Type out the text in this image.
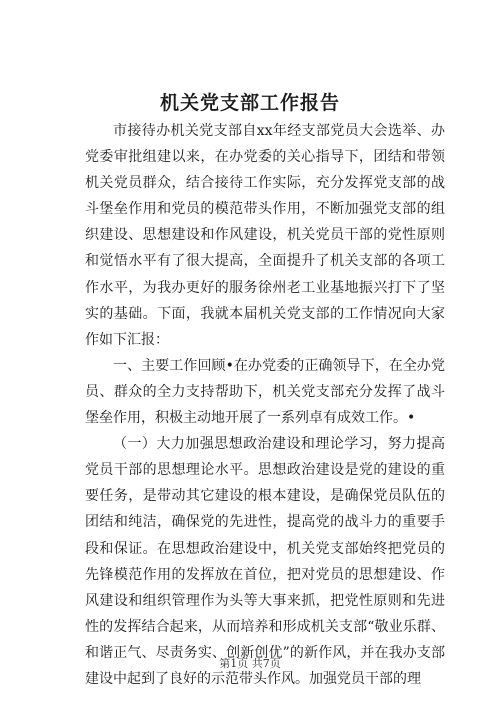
机关党支部工作报告

市接待办机关党支部自xx年经支部党员大会选举、办党委审批组建以来，在办党委的关心指导下，团结和带领机关党员群众，结合接待工作实际，充分发挥党支部的战斗堡垒作用和党员的模范带头作用，不断加强党支部的组织建设、思想建设和作风建设，机关党员干部的党性原则和觉悟水平有了很大提高，全面提升了机关支部的各项工作水平，为我办更好的服务徐州老工业基地振兴打下了坚实的基础。下面，我就本届机关党支部的工作情况向大家作如下汇报：

一、主要工作回顾•在办党委的正确领导下，在全办党员、群众的全力支持帮助下，机关党支部充分发挥了战斗堡垒作用，积极主动地开展了一系列卓有成效工作。•

（一）大力加强思想政治建设和理论学习，努力提高党员干部的思想理论水平。思想政治建设是党的建设的重要任务，是带动其它建设的根本建设，是确保党员队伍的团结和纯洁，确保党的先进性，提高党的战斗力的重要手段和保证。在思想政治建设中，机关党支部始终把党员的先锋模范作用的发挥放在首位，把对党员的思想建设、作风建设和组织管理作为头等大事来抓，把党性原则和先进性的发挥结合起来，从而培养和形成机关支部“敬业乐群、和谐正气、尽责务实、创新创优”的新作风，并在我办支部建设中起到了良好的示范带头作风。加强党员干部的理

第1页 共7页
